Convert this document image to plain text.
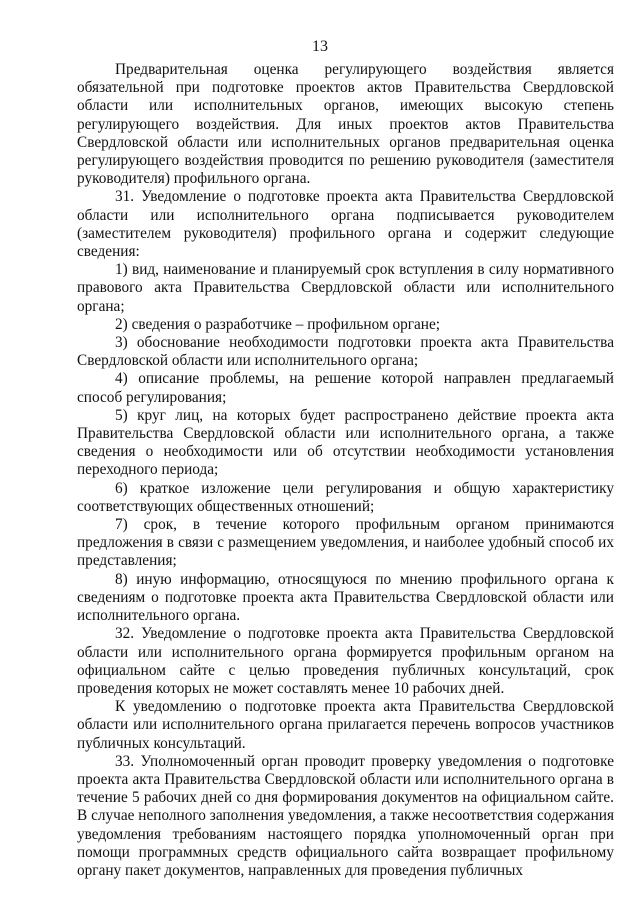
13

Предварительная оценка регулирующего воздействия является обязательной при подготовке проектов актов Правительства Свердловской области или исполнительных органов, имеющих высокую степень регулирующего воздействия. Для иных проектов актов Правительства Свердловской области или исполнительных органов предварительная оценка регулирующего воздействия проводится по решению руководителя (заместителя руководителя) профильного органа.

31. Уведомление о подготовке проекта акта Правительства Свердловской области или исполнительного органа подписывается руководителем (заместителем руководителя) профильного органа и содержит следующие сведения:

1) вид, наименование и планируемый срок вступления в силу нормативного правового акта Правительства Свердловской области или исполнительного органа;

2) сведения о разработчике – профильном органе;

3) обоснование необходимости подготовки проекта акта Правительства Свердловской области или исполнительного органа;

4) описание проблемы, на решение которой направлен предлагаемый способ регулирования;

5) круг лиц, на которых будет распространено действие проекта акта Правительства Свердловской области или исполнительного органа, а также сведения о необходимости или об отсутствии необходимости установления переходного периода;

6) краткое изложение цели регулирования и общую характеристику соответствующих общественных отношений;

7) срок, в течение которого профильным органом принимаются предложения в связи с размещением уведомления, и наиболее удобный способ их представления;

8) иную информацию, относящуюся по мнению профильного органа к сведениям о подготовке проекта акта Правительства Свердловской области или исполнительного органа.

32. Уведомление о подготовке проекта акта Правительства Свердловской области или исполнительного органа формируется профильным органом на официальном сайте с целью проведения публичных консультаций, срок проведения которых не может составлять менее 10 рабочих дней.

К уведомлению о подготовке проекта акта Правительства Свердловской области или исполнительного органа прилагается перечень вопросов участников публичных консультаций.

33. Уполномоченный орган проводит проверку уведомления о подготовке проекта акта Правительства Свердловской области или исполнительного органа в течение 5 рабочих дней со дня формирования документов на официальном сайте. В случае неполного заполнения уведомления, а также несоответствия содержания уведомления требованиям настоящего порядка уполномоченный орган при помощи программных средств официального сайта возвращает профильному органу пакет документов, направленных для проведения публичных
